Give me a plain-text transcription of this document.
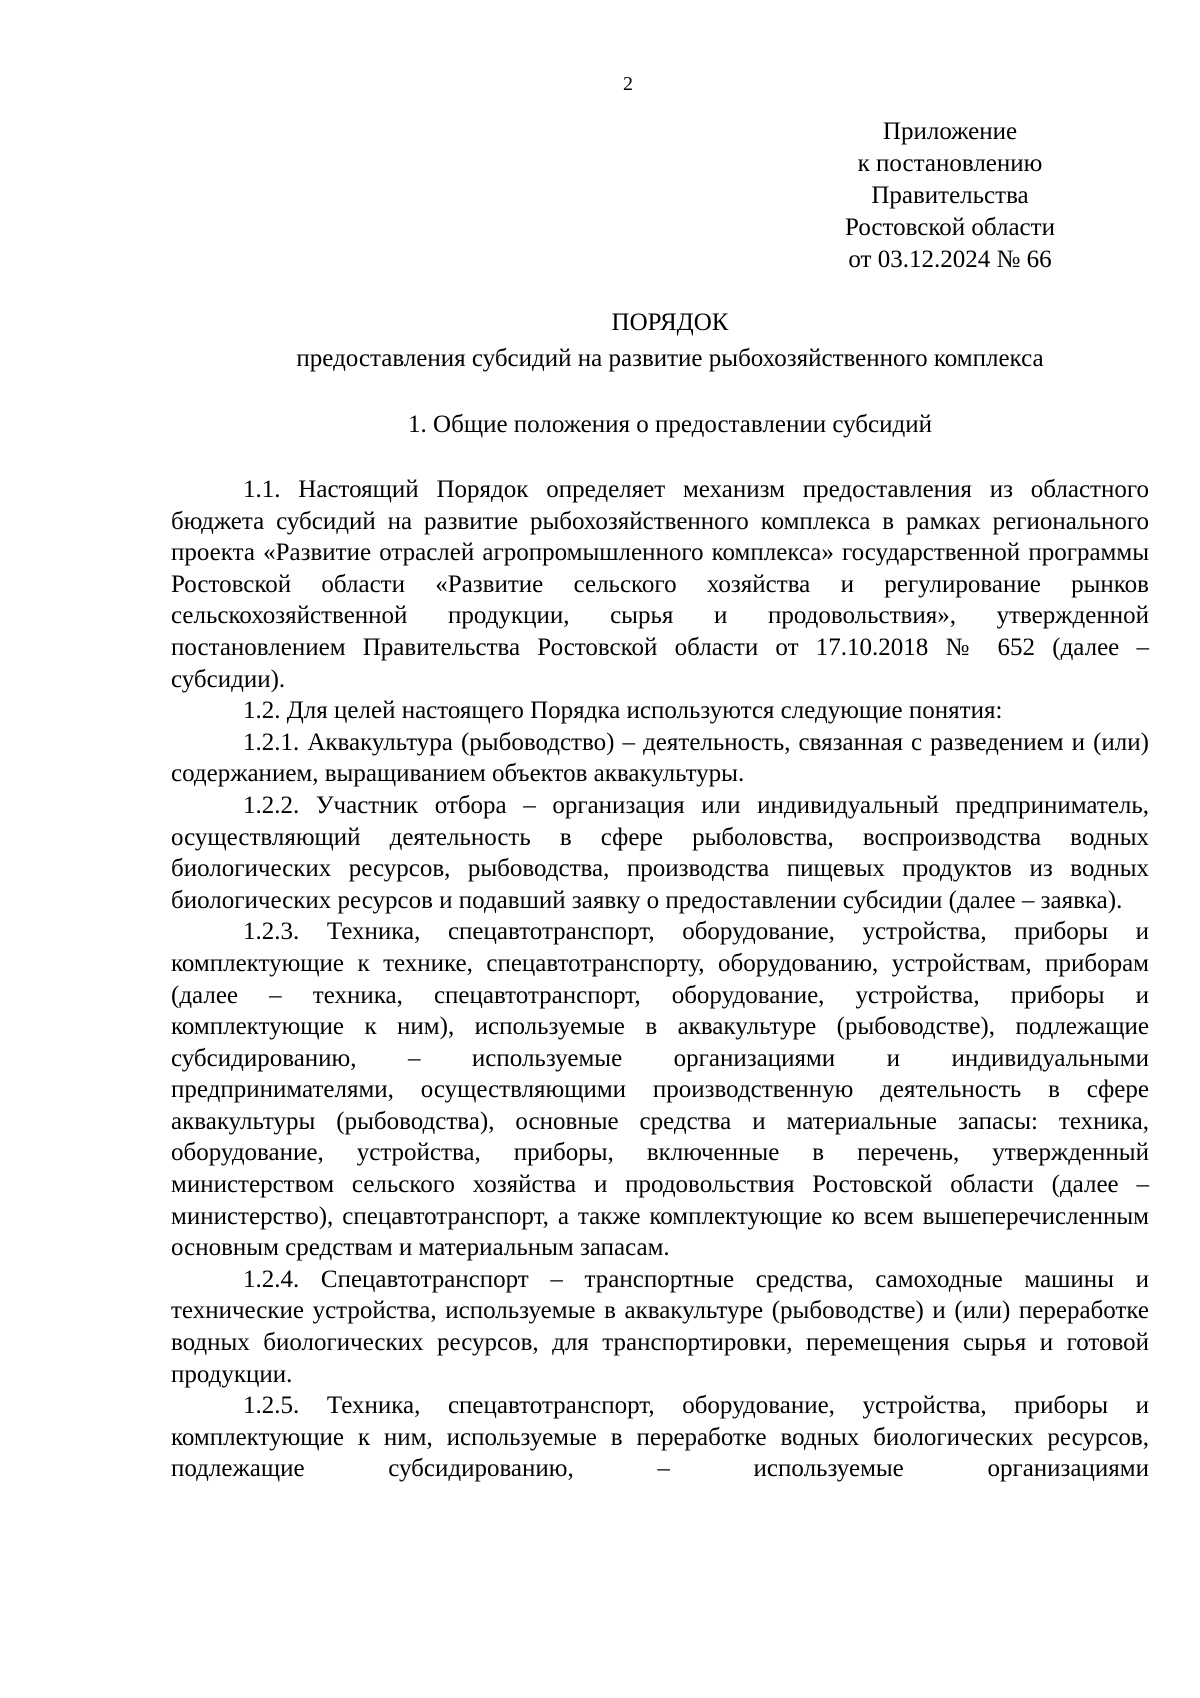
2
Приложение
к постановлению
Правительства
Ростовской области
от 03.12.2024 № 66
ПОРЯДОК
предоставления субсидий на развитие рыбохозяйственного комплекса
1. Общие положения о предоставлении субсидий

1.1. Настоящий Порядок определяет механизм предоставления из областного бюджета субсидий на развитие рыбохозяйственного комплекса в рамках регионального проекта «Развитие отраслей агропромышленного комплекса» государственной программы Ростовской области «Развитие сельского хозяйства и регулирование рынков сельскохозяйственной продукции, сырья и продовольствия», утвержденной постановлением Правительства Ростовской области от 17.10.2018 № 652 (далее – субсидии).

1.2. Для целей настоящего Порядка используются следующие понятия:

1.2.1. Аквакультура (рыбоводство) – деятельность, связанная с разведением и (или) содержанием, выращиванием объектов аквакультуры.

1.2.2. Участник отбора – организация или индивидуальный предприниматель, осуществляющий деятельность в сфере рыболовства, воспроизводства водных биологических ресурсов, рыбоводства, производства пищевых продуктов из водных биологических ресурсов и подавший заявку о предоставлении субсидии (далее – заявка).

1.2.3. Техника, спецавтотранспорт, оборудование, устройства, приборы и комплектующие к технике, спецавтотранспорту, оборудованию, устройствам, приборам (далее – техника, спецавтотранспорт, оборудование, устройства, приборы и комплектующие к ним), используемые в аквакультуре (рыбоводстве), подлежащие субсидированию, – используемые организациями и индивидуальными предпринимателями, осуществляющими производственную деятельность в сфере аквакультуры (рыбоводства), основные средства и материальные запасы: техника, оборудование, устройства, приборы, включенные в перечень, утвержденный министерством сельского хозяйства и продовольствия Ростовской области (далее – министерство), спецавтотранспорт, а также комплектующие ко всем вышеперечисленным основным средствам и материальным запасам.

1.2.4. Спецавтотранспорт – транспортные средства, самоходные машины и технические устройства, используемые в аквакультуре (рыбоводстве) и (или) переработке водных биологических ресурсов, для транспортировки, перемещения сырья и готовой продукции.

1.2.5. Техника, спецавтотранспорт, оборудование, устройства, приборы и комплектующие к ним, используемые в переработке водных биологических ресурсов, подлежащие субсидированию, – используемые организациями
